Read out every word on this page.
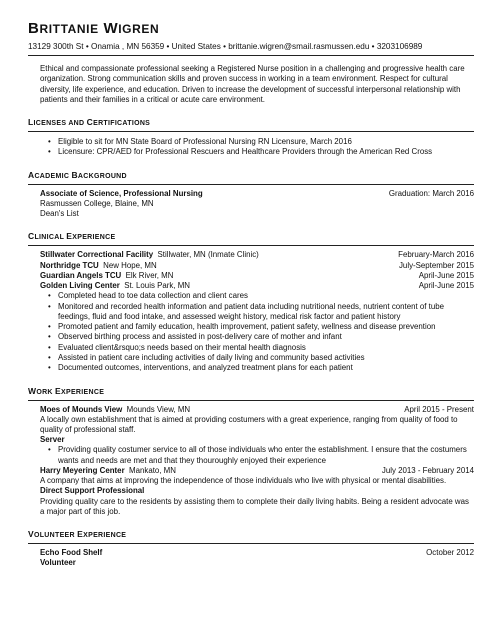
BRITTANIE WIGREN
13129 300th St • Onamia , MN 56359 • United States • brittanie.wigren@smail.rasmussen.edu • 3203106989
Ethical and compassionate professional seeking a Registered Nurse position in a challenging and progressive health care organization. Strong communication skills and proven success in working in a team environment. Respect for cultural diversity, life experience, and education. Driven to increase the development of successful interpersonal relationship with patients and their families in a critical or acute care environment.
LICENSES AND CERTIFICATIONS
• Eligible to sit for MN State Board of Professional Nursing RN Licensure, March 2016
• Licensure: CPR/AED for Professional Rescuers and Healthcare Providers through the American Red Cross
ACADEMIC BACKGROUND
Associate of Science, Professional Nursing	Graduation: March 2016
Rasmussen College, Blaine, MN
Dean's List
CLINICAL EXPERIENCE
Stillwater Correctional Facility Stillwater, MN (Inmate Clinic)	February-March 2016
Northridge TCU New Hope, MN	July-September 2015
Guardian Angels TCU Elk River, MN	April-June 2015
Golden Living Center St. Louis Park, MN	April-June 2015
• Completed head to toe data collection and client cares
• Monitored and recorded health information and patient data including nutritional needs, nutrient content of tube feedings, fluid and food intake, and assessed weight history, medical risk factor and patient history
• Promoted patient and family education, health improvement, patient safety, wellness and disease prevention
• Observed birthing process and assisted in post-delivery care of mother and infant
• Evaluated client&rsquo;s needs based on their mental health diagnosis
• Assisted in patient care including activities of daily living and community based activities
• Documented outcomes, interventions, and analyzed treatment plans for each patient
WORK EXPERIENCE
Moes of Mounds View Mounds View, MN	April 2015 - Present
A locally own establishment that is aimed at providing costumers with a great experience, ranging from quality of food to quality of professional staff.
Server
• Providing quality costumer service to all of those individuals who enter the establishment. I ensure that the costumers wants and needs are met and that they thouroughly enjoyed their experience
Harry Meyering Center Mankato, MN	July 2013 - February 2014
A company that aims at improving the independence of those individuals who live with physical or mental disabilities.
Direct Support Professional
Providing quality care to the residents by assisting them to complete their daily living habits. Being a resident advocate was a major part of this job.
VOLUNTEER EXPERIENCE
Echo Food Shelf	October 2012
Volunteer
